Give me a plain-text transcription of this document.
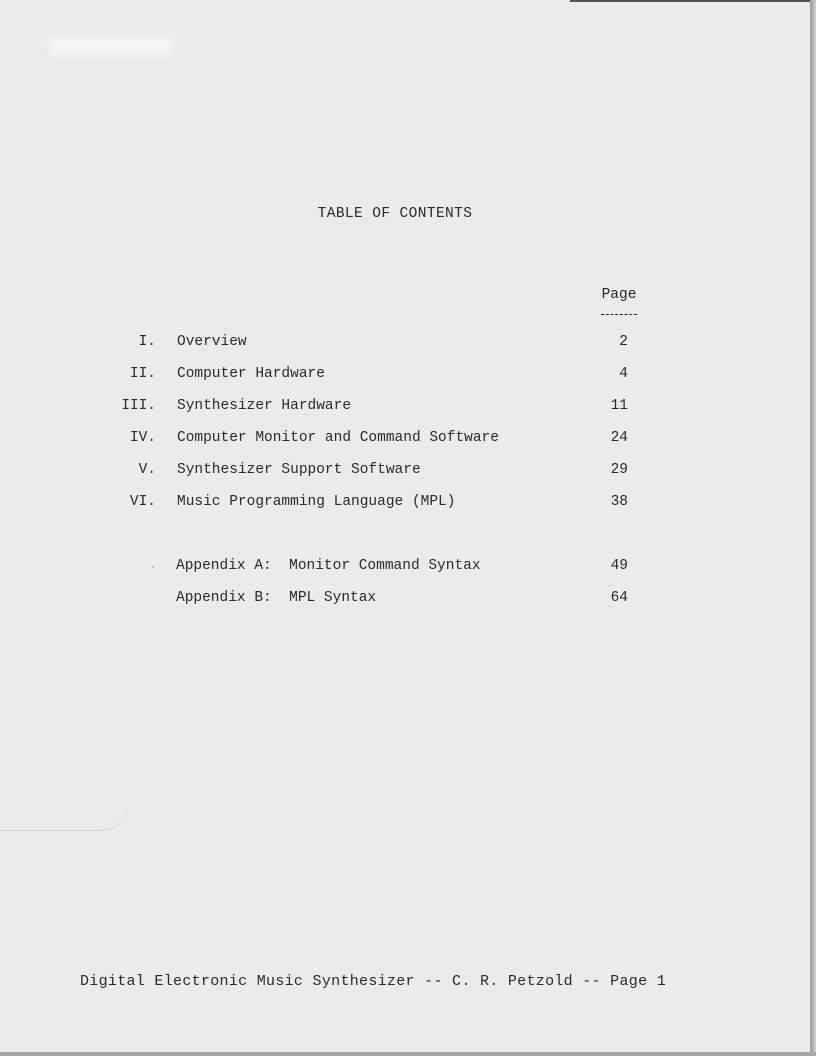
TABLE OF CONTENTS
Page
I. Overview	2
II. Computer Hardware	4
III. Synthesizer Hardware	11
IV. Computer Monitor and Command Software	24
V. Synthesizer Support Software	29
VI. Music Programming Language (MPL)	38
Appendix A:  Monitor Command Syntax	49
Appendix B:  MPL Syntax	64
Digital Electronic Music Synthesizer -- C. R. Petzold -- Page 1
